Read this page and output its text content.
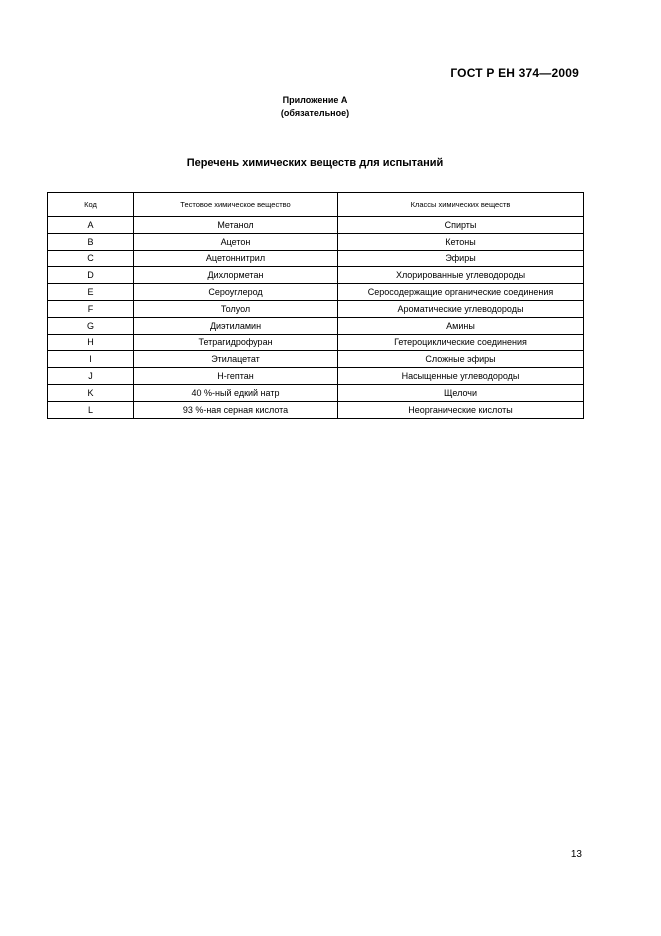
ГОСТ Р ЕН 374—2009
Приложение А
(обязательное)
Перечень химических веществ для испытаний
Код	Тестовое химическое вещество	Классы химических веществ
A	Метанол	Спирты
B	Ацетон	Кетоны
C	Ацетоннитрил	Эфиры
D	Дихлорметан	Хлорированные углеводороды
E	Сероуглерод	Серосодержащие органические соединения
F	Толуол	Ароматические углеводороды
G	Диэтиламин	Амины
H	Тетрагидрофуран	Гетероциклические соединения
I	Этилацетат	Сложные эфиры
J	Н-гептан	Насыщенные углеводороды
K	40 %-ный едкий натр	Щелочи
L	93 %-ная серная кислота	Неорганические кислоты
13
